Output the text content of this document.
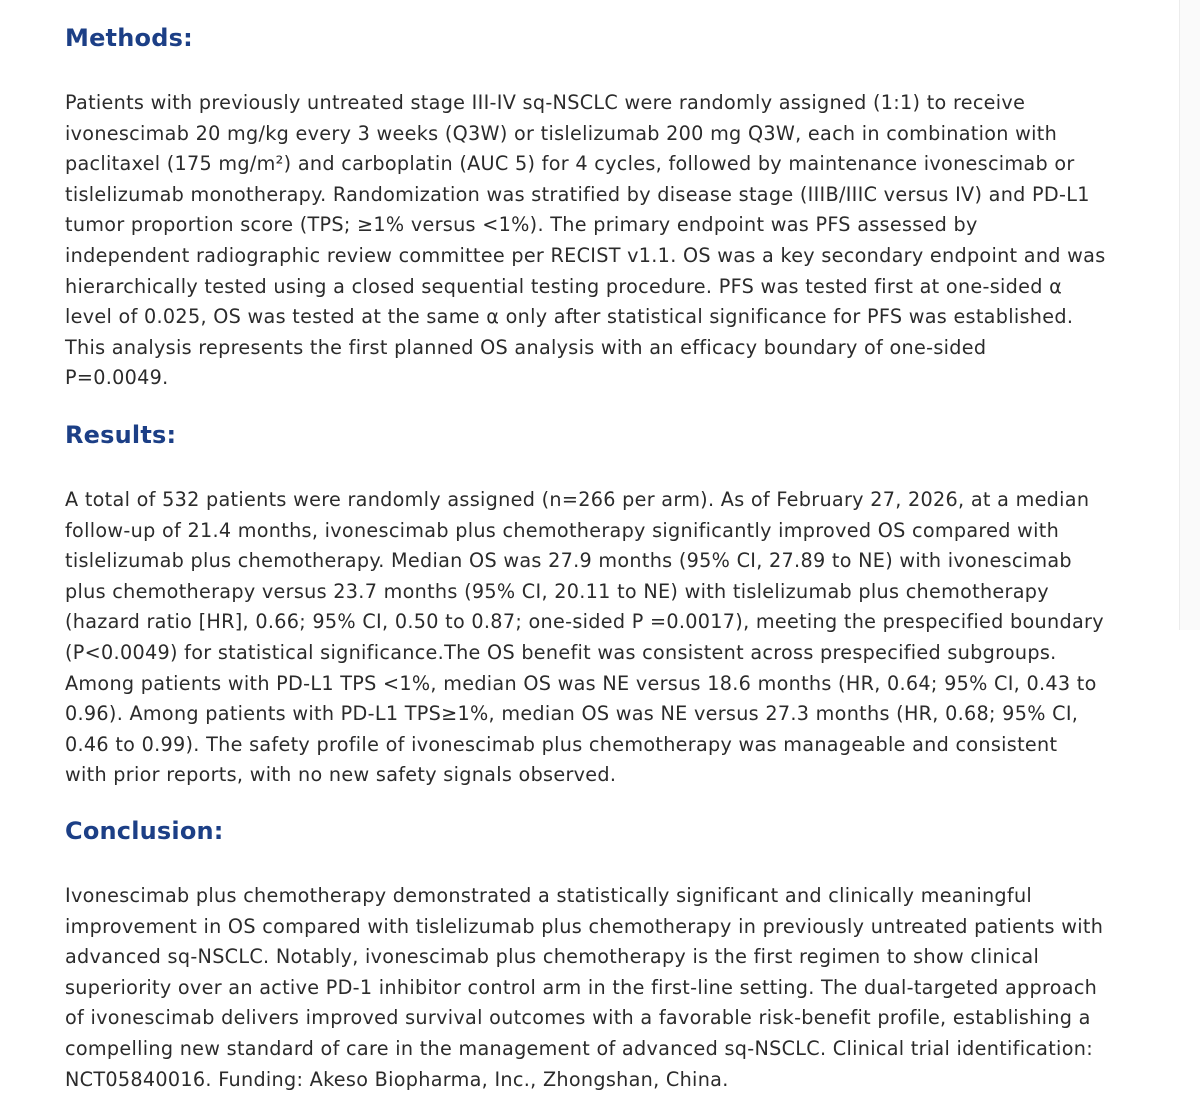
Methods:

Patients with previously untreated stage III-IV sq-NSCLC were randomly assigned (1:1) to receive
ivonescimab 20 mg/kg every 3 weeks (Q3W) or tislelizumab 200 mg Q3W, each in combination with
paclitaxel (175 mg/m²) and carboplatin (AUC 5) for 4 cycles, followed by maintenance ivonescimab or
tislelizumab monotherapy. Randomization was stratified by disease stage (IIIB/IIIC versus IV) and PD-L1
tumor proportion score (TPS; ≥1% versus <1%). The primary endpoint was PFS assessed by
independent radiographic review committee per RECIST v1.1. OS was a key secondary endpoint and was
hierarchically tested using a closed sequential testing procedure. PFS was tested first at one-sided α
level of 0.025, OS was tested at the same α only after statistical significance for PFS was established.
This analysis represents the first planned OS analysis with an efficacy boundary of one-sided
P=0.0049.

Results:

A total of 532 patients were randomly assigned (n=266 per arm). As of February 27, 2026, at a median
follow-up of 21.4 months, ivonescimab plus chemotherapy significantly improved OS compared with
tislelizumab plus chemotherapy. Median OS was 27.9 months (95% CI, 27.89 to NE) with ivonescimab
plus chemotherapy versus 23.7 months (95% CI, 20.11 to NE) with tislelizumab plus chemotherapy
(hazard ratio [HR], 0.66; 95% CI, 0.50 to 0.87; one-sided P =0.0017), meeting the prespecified boundary
(P<0.0049) for statistical significance.The OS benefit was consistent across prespecified subgroups.
Among patients with PD-L1 TPS <1%, median OS was NE versus 18.6 months (HR, 0.64; 95% CI, 0.43 to
0.96). Among patients with PD-L1 TPS≥1%, median OS was NE versus 27.3 months (HR, 0.68; 95% CI,
0.46 to 0.99). The safety profile of ivonescimab plus chemotherapy was manageable and consistent
with prior reports, with no new safety signals observed.

Conclusion:

Ivonescimab plus chemotherapy demonstrated a statistically significant and clinically meaningful
improvement in OS compared with tislelizumab plus chemotherapy in previously untreated patients with
advanced sq-NSCLC. Notably, ivonescimab plus chemotherapy is the first regimen to show clinical
superiority over an active PD-1 inhibitor control arm in the first-line setting. The dual-targeted approach
of ivonescimab delivers improved survival outcomes with a favorable risk-benefit profile, establishing a
compelling new standard of care in the management of advanced sq-NSCLC. Clinical trial identification:
NCT05840016. Funding: Akeso Biopharma, Inc., Zhongshan, China.
